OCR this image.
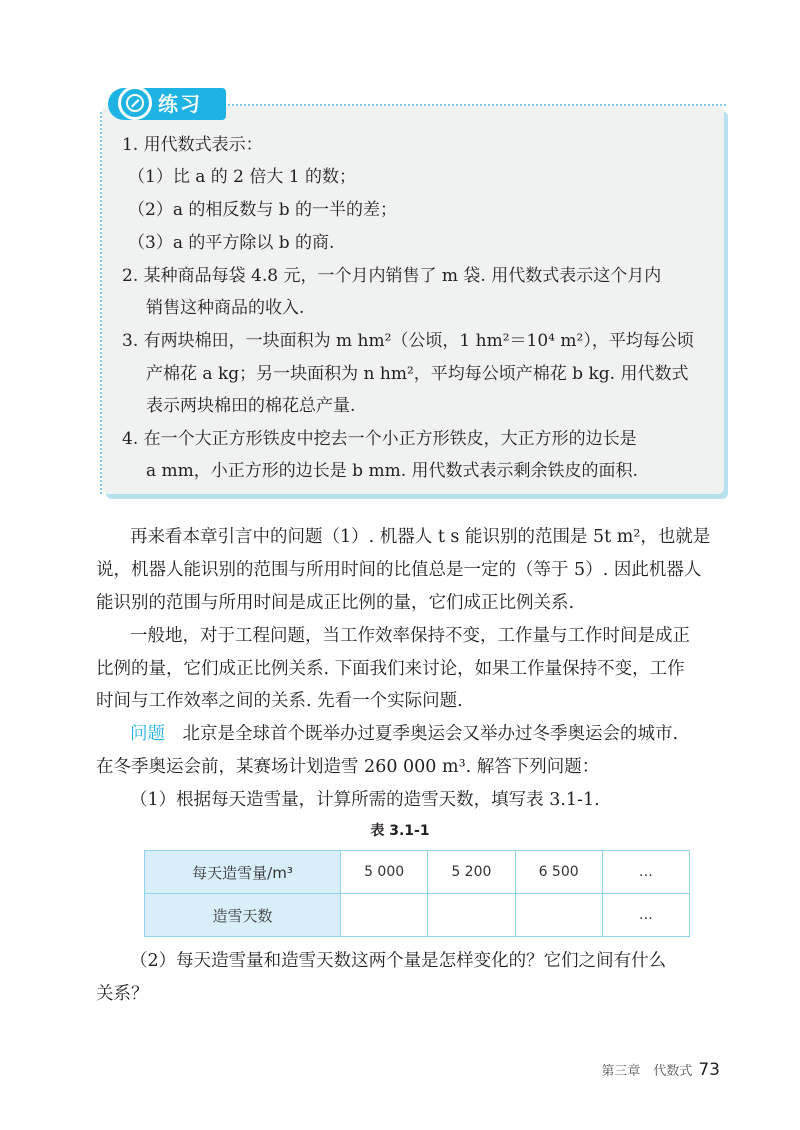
练习
1. 用代数式表示：
（1）比 a 的 2 倍大 1 的数；
（2）a 的相反数与 b 的一半的差；
（3）a 的平方除以 b 的商.
2. 某种商品每袋 4.8 元，一个月内销售了 m 袋. 用代数式表示这个月内
销售这种商品的收入.
3. 有两块棉田，一块面积为 m hm²（公顷，1 hm²＝10⁴ m²），平均每公顷
产棉花 a kg；另一块面积为 n hm²，平均每公顷产棉花 b kg. 用代数式
表示两块棉田的棉花总产量.
4. 在一个大正方形铁皮中挖去一个小正方形铁皮，大正方形的边长是
a mm，小正方形的边长是 b mm. 用代数式表示剩余铁皮的面积.
再来看本章引言中的问题（1）. 机器人 t s 能识别的范围是 5t m²，也就是
说，机器人能识别的范围与所用时间的比值总是一定的（等于 5）. 因此机器人
能识别的范围与所用时间是成正比例的量，它们成正比例关系.
一般地，对于工程问题，当工作效率保持不变，工作量与工作时间是成正
比例的量，它们成正比例关系. 下面我们来讨论，如果工作量保持不变，工作
时间与工作效率之间的关系. 先看一个实际问题.
问题　 北京是全球首个既举办过夏季奥运会又举办过冬季奥运会的城市.
在冬季奥运会前，某赛场计划造雪 260 000 m³. 解答下列问题：
（1）根据每天造雪量，计算所需的造雪天数，填写表 3.1-1.
表 3.1-1
每天造雪量/m³	5 000	5 200	6 500	…
造雪天数				…
（2）每天造雪量和造雪天数这两个量是怎样变化的？它们之间有什么
关系？
第三章　代数式 73
